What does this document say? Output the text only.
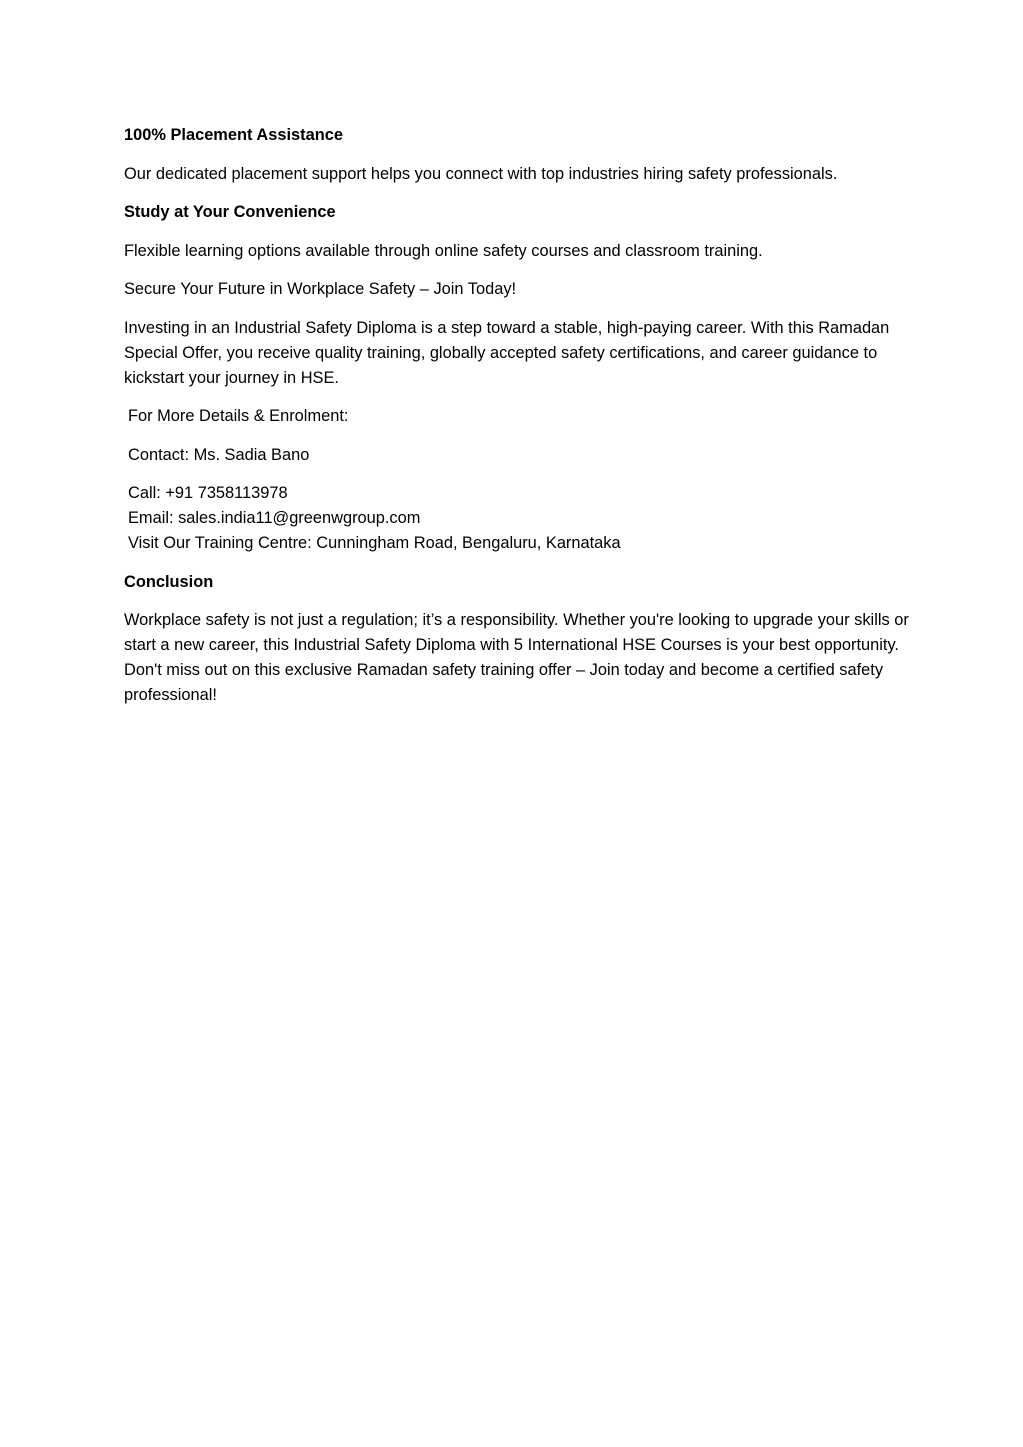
100% Placement Assistance

Our dedicated placement support helps you connect with top industries hiring safety professionals.

Study at Your Convenience

Flexible learning options available through online safety courses and classroom training.

Secure Your Future in Workplace Safety – Join Today!

Investing in an Industrial Safety Diploma is a step toward a stable, high-paying career. With this Ramadan Special Offer, you receive quality training, globally accepted safety certifications, and career guidance to kickstart your journey in HSE.

For More Details & Enrolment:

Contact: Ms. Sadia Bano

Call: +91 7358113978
Email: sales.india11@greenwgroup.com
Visit Our Training Centre: Cunningham Road, Bengaluru, Karnataka

Conclusion

Workplace safety is not just a regulation; it’s a responsibility. Whether you're looking to upgrade your skills or start a new career, this Industrial Safety Diploma with 5 International HSE Courses is your best opportunity. Don't miss out on this exclusive Ramadan safety training offer – Join today and become a certified safety professional!
